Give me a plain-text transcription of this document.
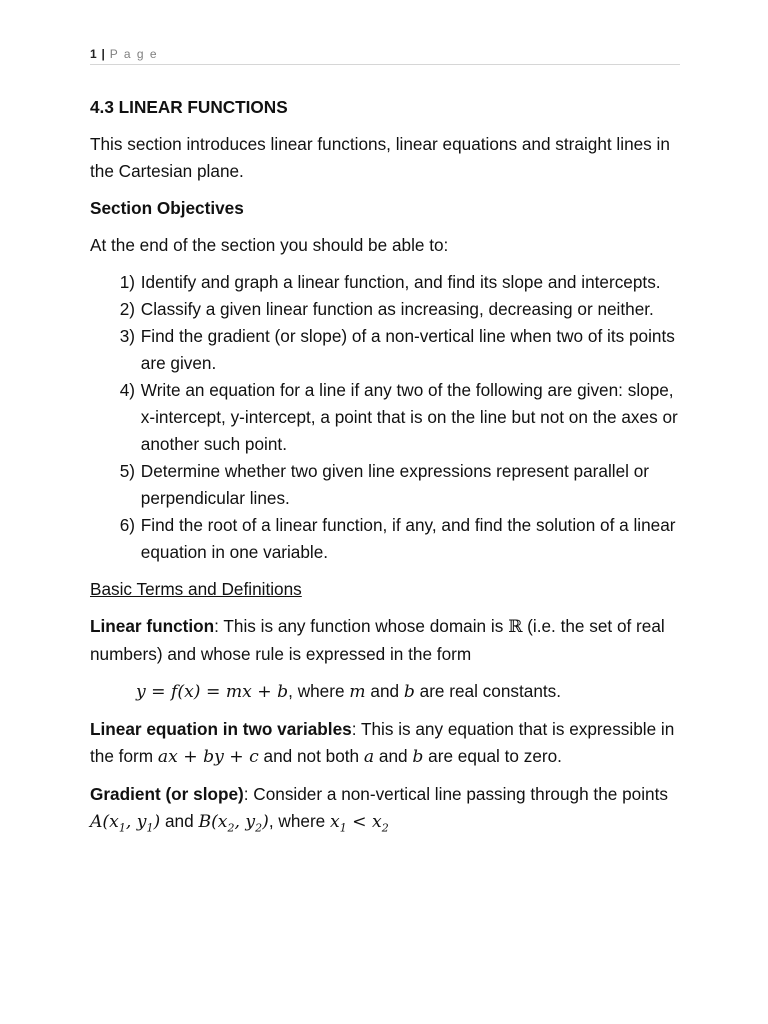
1 | P a g e

4.3 LINEAR FUNCTIONS

This section introduces linear functions, linear equations and straight lines in the Cartesian plane.

Section Objectives

At the end of the section you should be able to:

1)
Identify and graph a linear function, and find its slope and intercepts.
2)
Classify a given linear function as increasing, decreasing or neither.
3)
Find the gradient (or slope) of a non-vertical line when two of its points are given.
4)
Write an equation for a line if any two of the following are given: slope, x-intercept, y-intercept, a point that is on the line but not on the axes or another such point.
5)
Determine whether two given line expressions represent parallel or perpendicular lines.
6)
Find the root of a linear function, if any, and find the solution of a linear equation in one variable.

Basic Terms and Definitions

Linear function: This is any function whose domain is ℝ (i.e. the set of real numbers) and whose rule is expressed in the form

y = f(x) = mx + b, where m and b are real constants.

Linear equation in two variables: This is any equation that is expressible in the form ax + by + c and not both a and b are equal to zero.

Gradient (or slope): Consider a non-vertical line passing through the points $A(x_1$, $y_1$) and $B(x_2$, $y_2$), where $x_1 < x_2$
